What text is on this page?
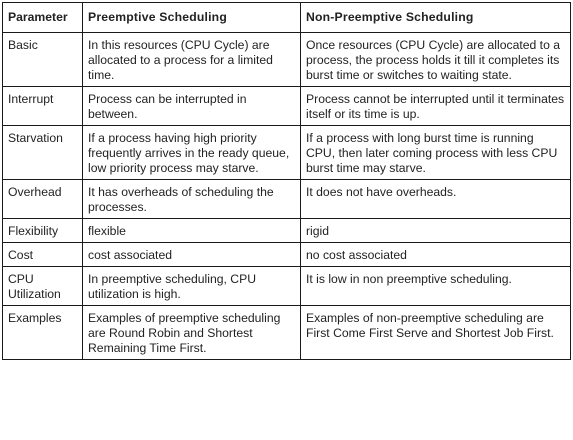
Parameter	Preemptive Scheduling	Non-Preemptive Scheduling
Basic	In this resources (CPU Cycle) are allocated to a process for a limited time.	Once resources (CPU Cycle) are allocated to a process, the process holds it till it completes its burst time or switches to waiting state.
Interrupt	Process can be interrupted in between.	Process cannot be interrupted until it terminates itself or its time is up.
Starvation	If a process having high priority frequently arrives in the ready queue, low priority process may starve.	If a process with long burst time is running CPU, then later coming process with less CPU burst time may starve.
Overhead	It has overheads of scheduling the processes.	It does not have overheads.
Flexibility	flexible	rigid
Cost	cost associated	no cost associated
CPU Utilization	In preemptive scheduling, CPU utilization is high.	It is low in non preemptive scheduling.
Examples	Examples of preemptive scheduling are Round Robin and Shortest Remaining Time First.	Examples of non-preemptive scheduling are First Come First Serve and Shortest Job First.
